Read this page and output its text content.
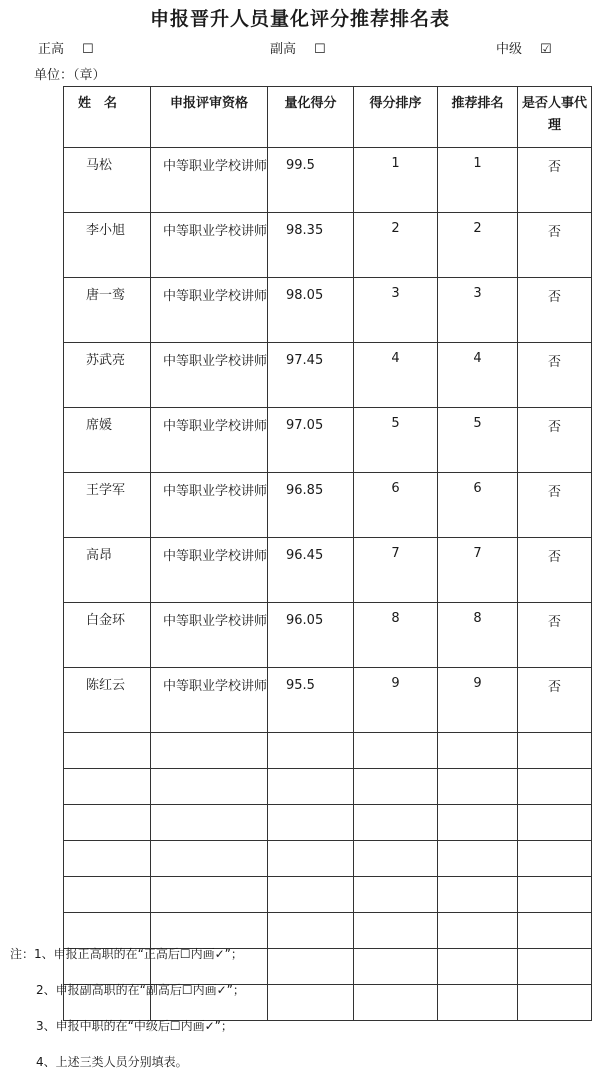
申报晋升人员量化评分推荐排名表
正高 ☐	副高 ☐	中级 ☑
单位：（章）
姓　名	申报评审资格	量化得分	得分排序	推荐排名	是否人事代理
马松	中等职业学校讲师	99.5	1	1	否
李小旭	中等职业学校讲师	98.35	2	2	否
唐一鸾	中等职业学校讲师	98.05	3	3	否
苏武亮	中等职业学校讲师	97.45	4	4	否
席媛	中等职业学校讲师	97.05	5	5	否
王学军	中等职业学校讲师	96.85	6	6	否
高昂	中等职业学校讲师	96.45	7	7	否
白金环	中等职业学校讲师	96.05	8	8	否
陈红云	中等职业学校讲师	95.5	9	9	否

注：1、申报正高职的在“正高后☐内画✓”；
2、申报副高职的在“副高后☐内画✓”；
3、申报中职的在“中级后☐内画✓”；
4、上述三类人员分别填表。
